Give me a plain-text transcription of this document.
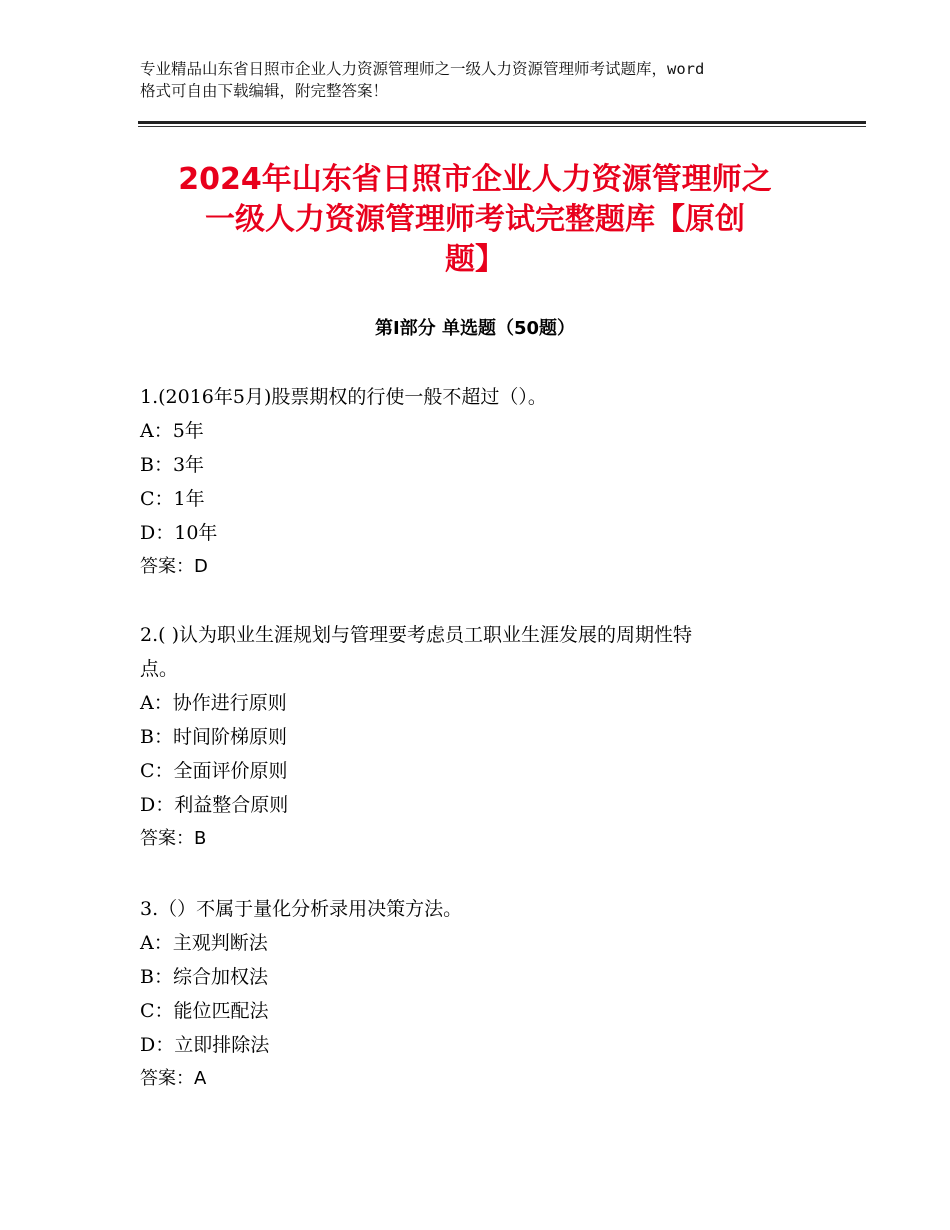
专业精品山东省日照市企业人力资源管理师之一级人力资源管理师考试题库，word
格式可自由下载编辑，附完整答案！
2024年山东省日照市企业人力资源管理师之
一级人力资源管理师考试完整题库【原创
题】
第Ⅰ部分 单选题（50题）
1.(2016年5月)股票期权的行使一般不超过（）。
A：5年
B：3年
C：1年
D：10年
答案：D
2.( )认为职业生涯规划与管理要考虑员工职业生涯发展的周期性特
点。
A：协作进行原则
B：时间阶梯原则
C：全面评价原则
D：利益整合原则
答案：B
3.（）不属于量化分析录用决策方法。
A：主观判断法
B：综合加权法
C：能位匹配法
D：立即排除法
答案：A
